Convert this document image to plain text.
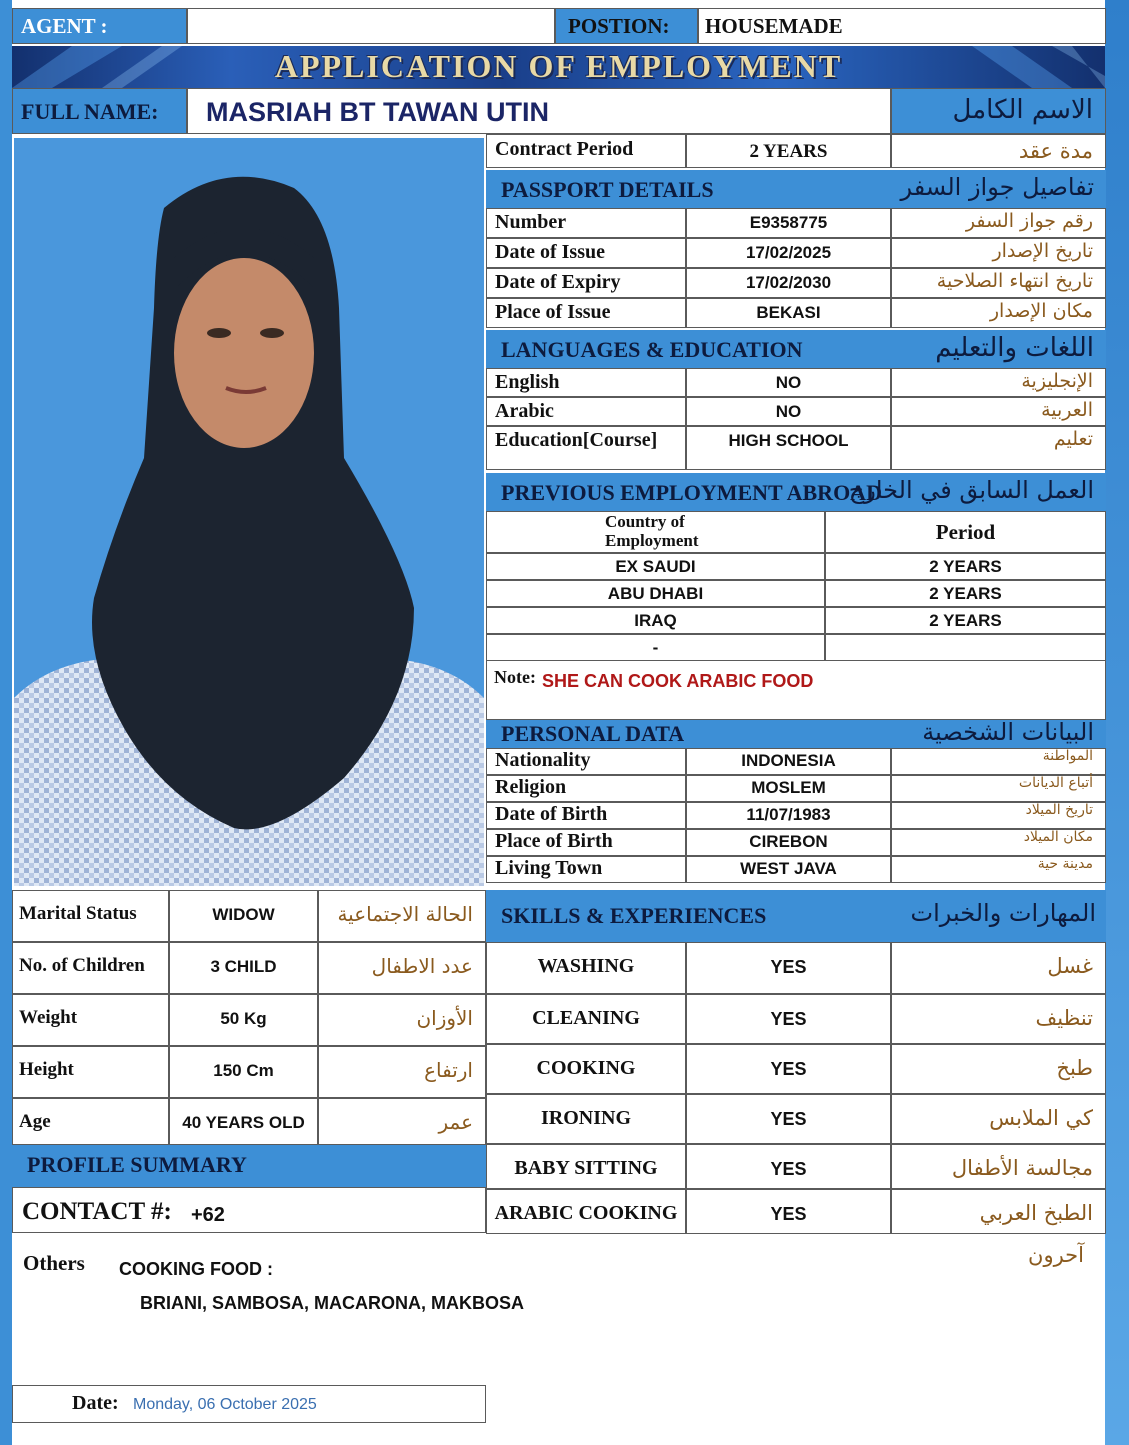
AGENT :	POSTION: HOUSEMADE
APPLICATION OF EMPLOYMENT
FULL NAME: MASRIAH BT TAWAN UTIN	الاسم الكامل
Contract Period	2 YEARS	مدة عقد
PASSPORT DETAILS	تفاصيل جواز السفر
Number	E9358775	رقم جواز السفر
Date of Issue	17/02/2025	تاريخ الإصدار
Date of Expiry	17/02/2030	تاريخ انتهاء الصلاحية
Place of Issue	BEKASI	مكان الإصدار
LANGUAGES & EDUCATION	اللغات والتعليم
English	NO	الإنجليزية
Arabic	NO	العربية
Education[Course]	HIGH SCHOOL	تعليم
PREVIOUS EMPLOYMENT ABROAD
العمل السابق في الخارج
Country of
Employment	Period
EX SAUDI	2 YEARS
ABU DHABI	2 YEARS
IRAQ	2 YEARS
-
Note: SHE CAN COOK ARABIC FOOD
PERSONAL DATA	البيانات الشخصية
Nationality	INDONESIA	المواطنة
Religion	MOSLEM	أتباع الديانات
Date of Birth	11/07/1983	تاريخ الميلاد
Place of Birth	CIREBON	مكان الميلاد
Living Town	WEST JAVA	مدينة حية
Marital Status	WIDOW	الحالة الاجتماعية
No. of Children	3 CHILD	عدد الاطفال
Weight	50 Kg	الأوزان
Height	150 Cm	ارتفاع
Age	40 YEARS OLD	عمر
SKILLS & EXPERIENCES	المهارات والخبرات
WASHING	YES	غسل
CLEANING	YES	تنظيف
COOKING	YES	طبخ
IRONING	YES	كي الملابس
BABY SITTING	YES	مجالسة الأطفال
ARABIC COOKING	YES	الطبخ العربي
PROFILE SUMMARY
CONTACT #: +62
Others	آحرون
COOKING FOOD :
BRIANI, SAMBOSA, MACARONA, MAKBOSA
Date: Monday, 06 October 2025
